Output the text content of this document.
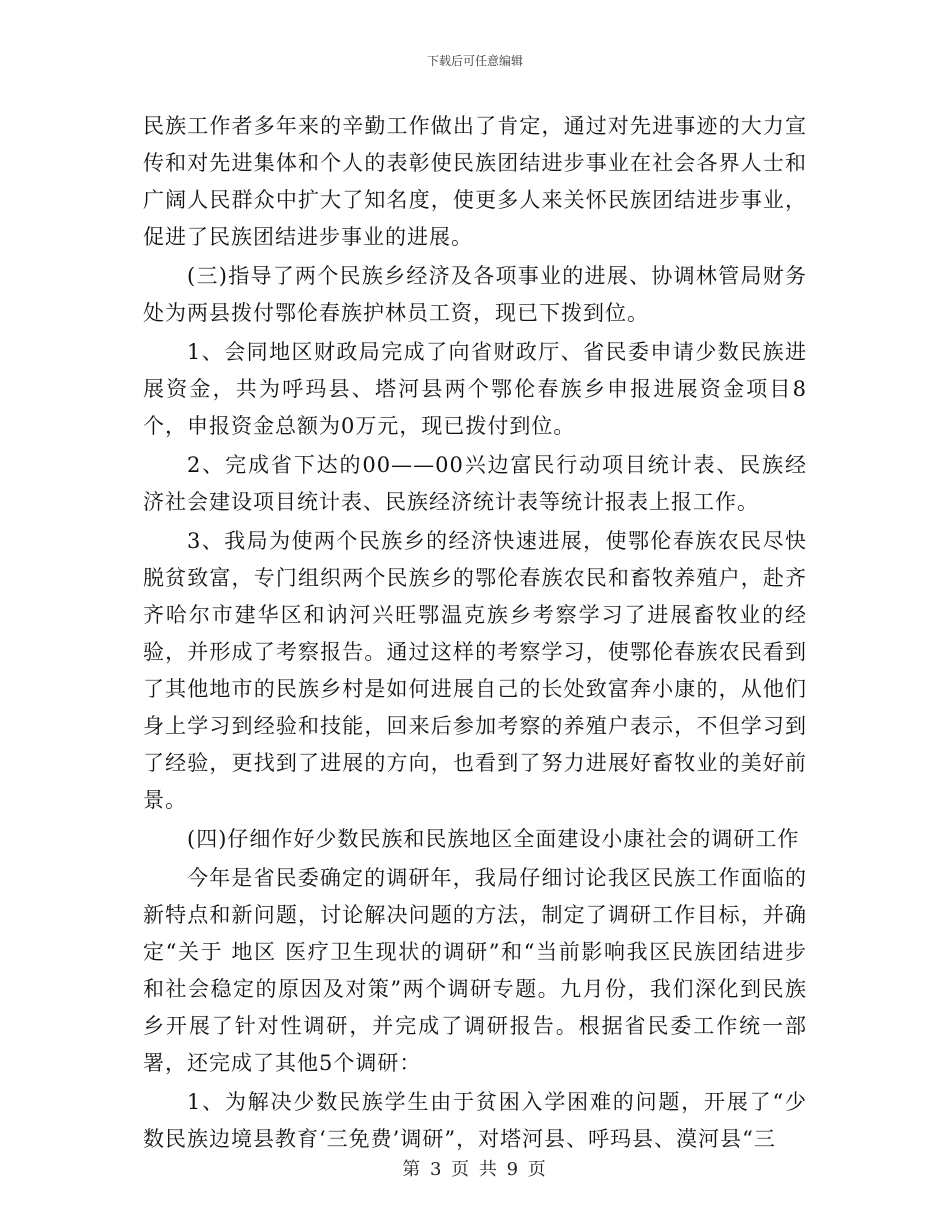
下载后可任意编辑

民族工作者多年来的辛勤工作做出了肯定，通过对先进事迹的大力宣传和对先进集体和个人的表彰使民族团结进步事业在社会各界人士和广阔人民群众中扩大了知名度，使更多人来关怀民族团结进步事业，促进了民族团结进步事业的进展。

(三)指导了两个民族乡经济及各项事业的进展、协调林管局财务处为两县拨付鄂伦春族护林员工资，现已下拨到位。

1、会同地区财政局完成了向省财政厅、省民委申请少数民族进展资金，共为呼玛县、塔河县两个鄂伦春族乡申报进展资金项目8个，申报资金总额为0万元，现已拨付到位。

2、完成省下达的00——00兴边富民行动项目统计表、民族经济社会建设项目统计表、民族经济统计表等统计报表上报工作。

3、我局为使两个民族乡的经济快速进展，使鄂伦春族农民尽快脱贫致富，专门组织两个民族乡的鄂伦春族农民和畜牧养殖户，赴齐齐哈尔市建华区和讷河兴旺鄂温克族乡考察学习了进展畜牧业的经验，并形成了考察报告。通过这样的考察学习，使鄂伦春族农民看到了其他地市的民族乡村是如何进展自己的长处致富奔小康的，从他们身上学习到经验和技能，回来后参加考察的养殖户表示，不但学习到了经验，更找到了进展的方向，也看到了努力进展好畜牧业的美好前景。

(四)仔细作好少数民族和民族地区全面建设小康社会的调研工作

今年是省民委确定的调研年，我局仔细讨论我区民族工作面临的新特点和新问题，讨论解决问题的方法，制定了调研工作目标，并确定“关于 地区 医疗卫生现状的调研”和“当前影响我区民族团结进步和社会稳定的原因及对策”两个调研专题。九月份，我们深化到民族乡开展了针对性调研，并完成了调研报告。根据省民委工作统一部署，还完成了其他5个调研：

1、为解决少数民族学生由于贫困入学困难的问题，开展了“少数民族边境县教育‘三免费’调研”，对塔河县、呼玛县、漠河县“三

第 3 页 共 9 页
